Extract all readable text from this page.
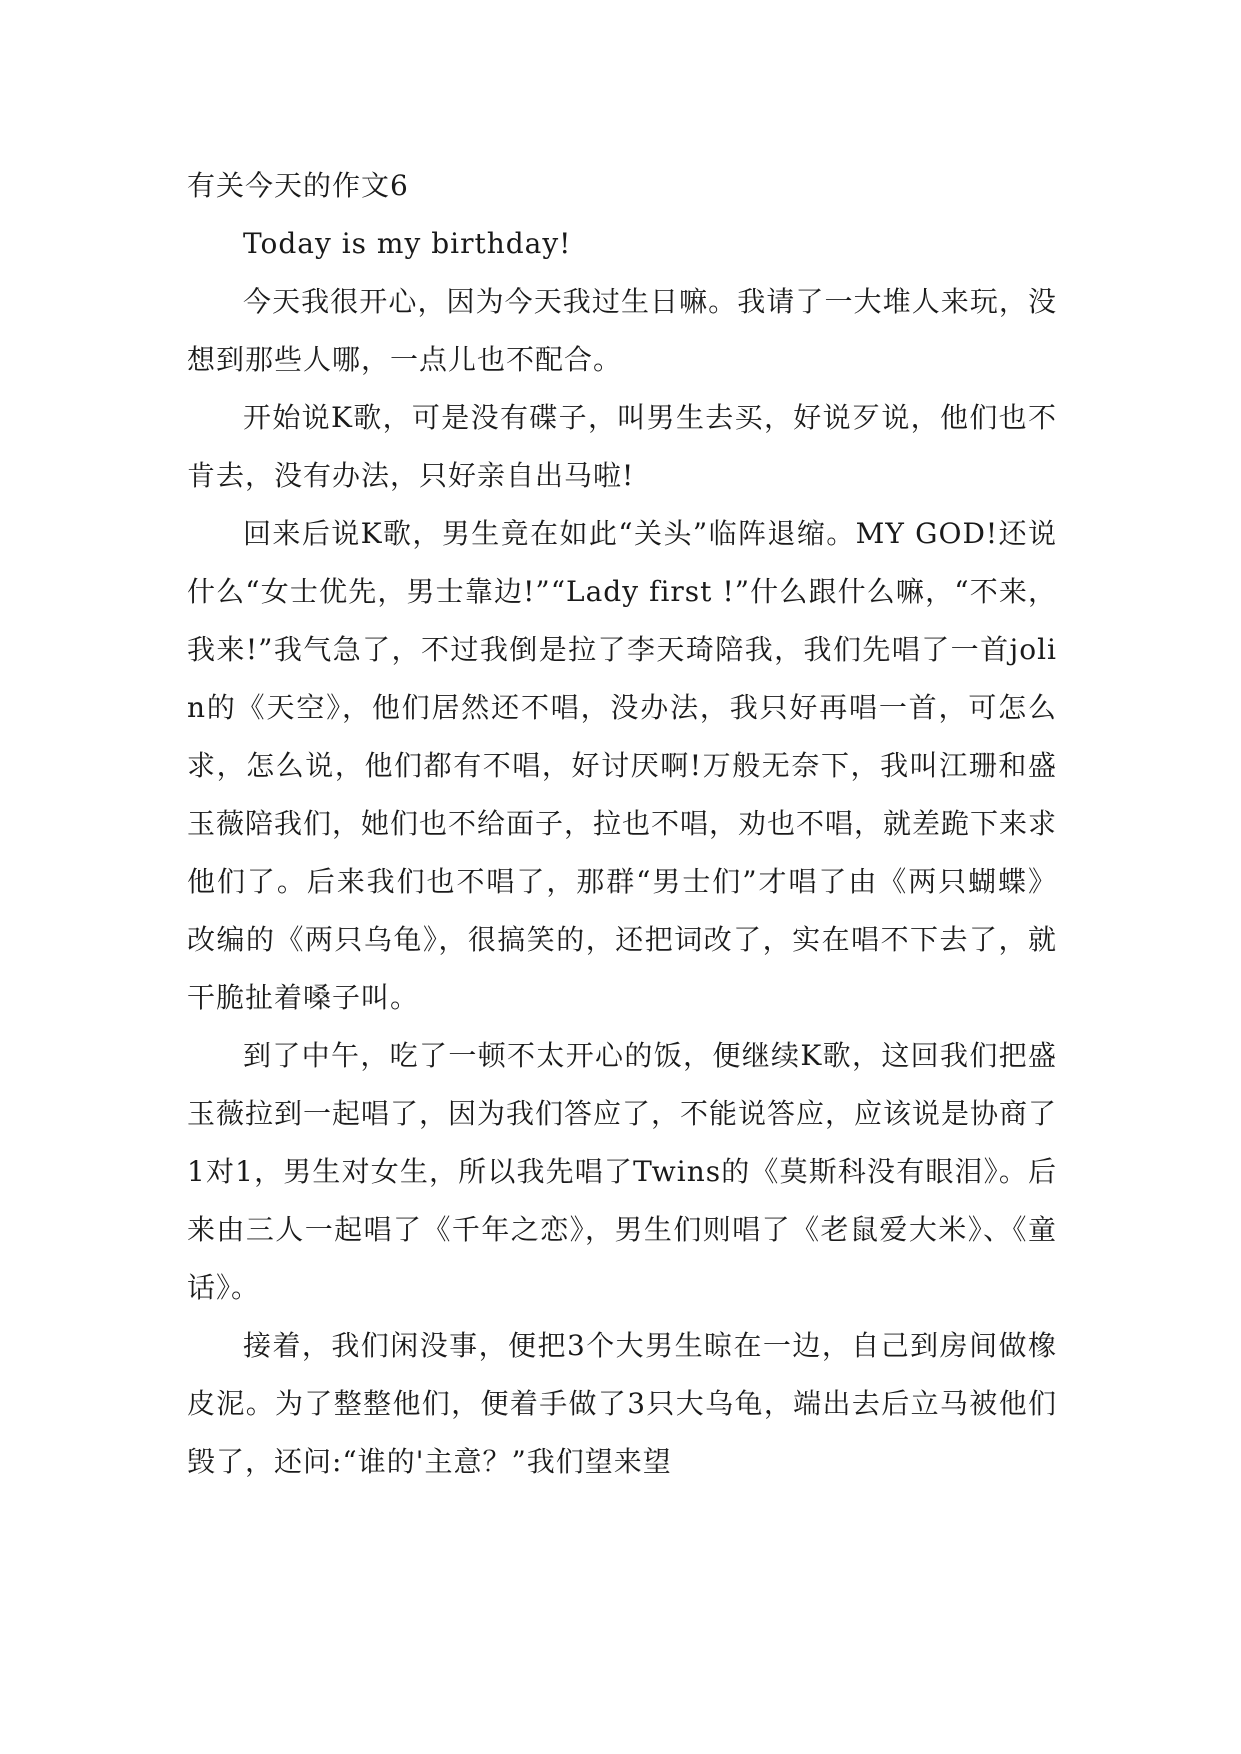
有关今天的作文6

Today is my birthday!

今天我很开心，因为今天我过生日嘛。我请了一大堆人来玩，没想到那些人哪，一点儿也不配合。

开始说K歌，可是没有碟子，叫男生去买，好说歹说，他们也不肯去，没有办法，只好亲自出马啦!

回来后说K歌，男生竟在如此“关头”临阵退缩。MY GOD!还说什么“女士优先，男士靠边!”“Lady first !”什么跟什么嘛，“不来，我来!”我气急了，不过我倒是拉了李天琦陪我，我们先唱了一首jolin的《天空》，他们居然还不唱，没办法，我只好再唱一首，可怎么求，怎么说，他们都有不唱，好讨厌啊!万般无奈下，我叫江珊和盛玉薇陪我们，她们也不给面子，拉也不唱，劝也不唱，就差跪下来求他们了。后来我们也不唱了，那群“男士们”才唱了由《两只蝴蝶》改编的《两只乌龟》，很搞笑的，还把词改了，实在唱不下去了，就干脆扯着嗓子叫。

到了中午，吃了一顿不太开心的饭，便继续K歌，这回我们把盛玉薇拉到一起唱了，因为我们答应了，不能说答应，应该说是协商了1对1，男生对女生，所以我先唱了Twins的《莫斯科没有眼泪》。后来由三人一起唱了《千年之恋》，男生们则唱了《老鼠爱大米》、《童话》。

接着，我们闲没事，便把3个大男生晾在一边，自己到房间做橡皮泥。为了整整他们，便着手做了3只大乌龟，端出去后立马被他们毁了，还问:“谁的'主意？”我们望来望
